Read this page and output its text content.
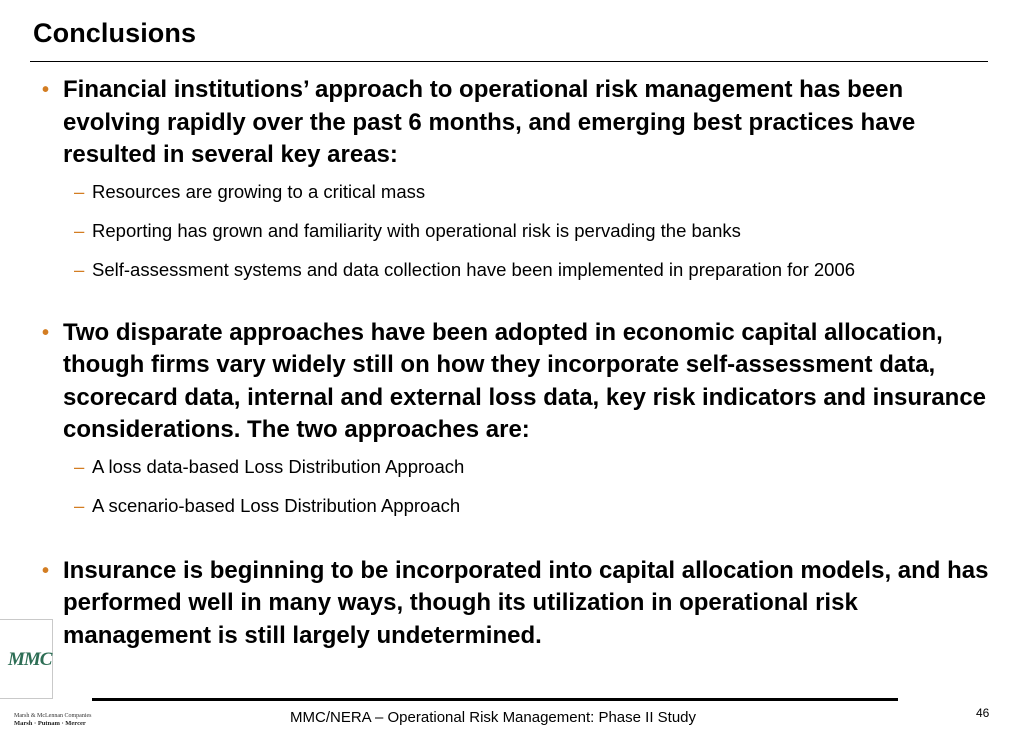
Conclusions
• Financial institutions’ approach to operational risk management has been evolving rapidly over the past 6 months, and emerging best practices have resulted in several key areas:
– Resources are growing to a critical mass
– Reporting has grown and familiarity with operational risk is pervading the banks
– Self-assessment systems and data collection have been implemented in preparation for 2006
• Two disparate approaches have been adopted in economic capital allocation, though firms vary widely still on how they incorporate self-assessment data, scorecard data, internal and external loss data, key risk indicators and insurance considerations. The two approaches are:
– A loss data-based Loss Distribution Approach
– A scenario-based Loss Distribution Approach
• Insurance is beginning to be incorporated into capital allocation models, and has performed well in many ways, though its utilization in operational risk management is still largely undetermined.
MMC
Marsh & McLennan Companies
Marsh · Putnam · Mercer	MMC/NERA – Operational Risk Management: Phase II Study	46
